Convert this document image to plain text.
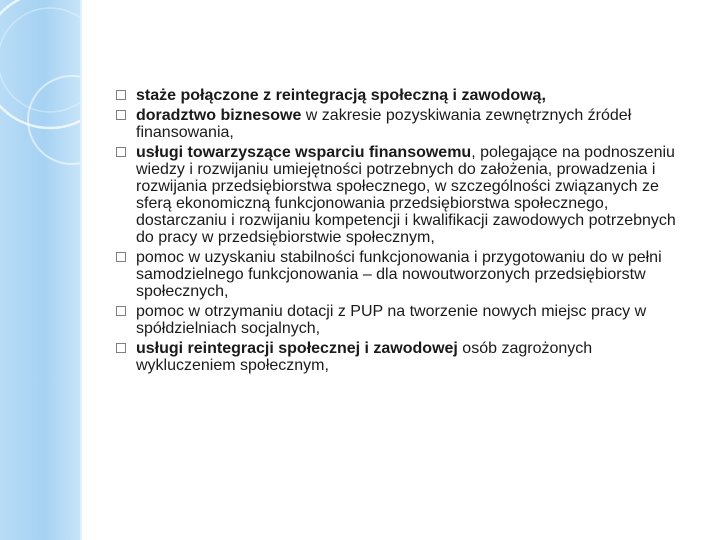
staże połączone z reintegracją społeczną i zawodową,
doradztwo biznesowe w zakresie pozyskiwania zewnętrznych źródeł finansowania,
usługi towarzyszące wsparciu finansowemu, polegające na podnoszeniu wiedzy i rozwijaniu umiejętności potrzebnych do założenia, prowadzenia i rozwijania przedsiębiorstwa społecznego, w szczególności związanych ze sferą ekonomiczną funkcjonowania przedsiębiorstwa społecznego, dostarczaniu i rozwijaniu kompetencji i kwalifikacji zawodowych potrzebnych do pracy w przedsiębiorstwie społecznym,
pomoc w uzyskaniu stabilności funkcjonowania i przygotowaniu do w pełni samodzielnego funkcjonowania – dla nowoutworzonych przedsiębiorstw społecznych,
pomoc w otrzymaniu dotacji z PUP na tworzenie nowych miejsc pracy w spółdzielniach socjalnych,
usługi reintegracji społecznej i zawodowej osób zagrożonych wykluczeniem społecznym,
